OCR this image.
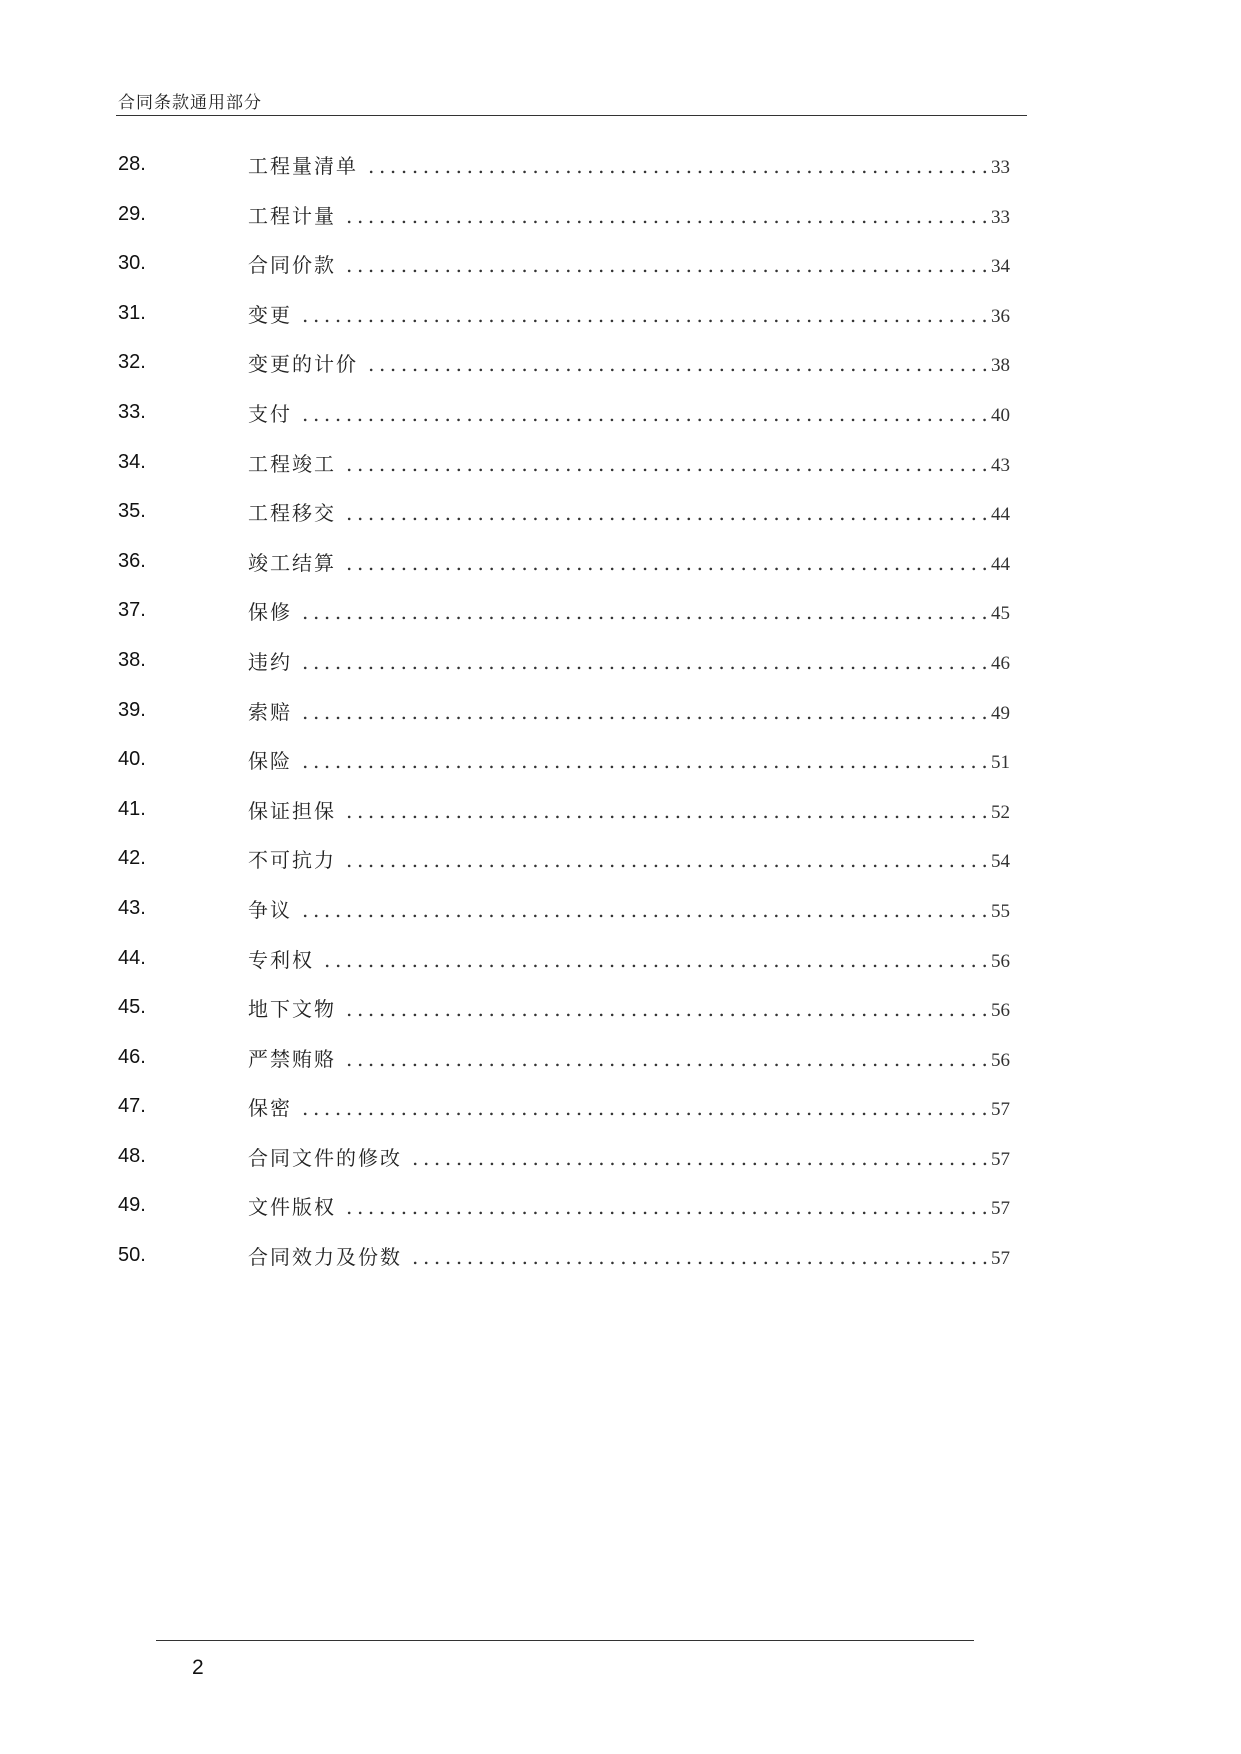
合同条款通用部分
28.	工程量清单 .....	33
29.	工程计量 .....	33
30.	合同价款 .....	34
31.	变更 .....	36
32.	变更的计价 .....	38
33.	支付 .....	40
34.	工程竣工 .....	43
35.	工程移交 .....	44
36.	竣工结算 .....	44
37.	保修 .....	45
38.	违约 .....	46
39.	索赔 .....	49
40.	保险 .....	51
41.	保证担保 .....	52
42.	不可抗力 .....	54
43.	争议 .....	55
44.	专利权 .....	56
45.	地下文物 .....	56
46.	严禁贿赂 .....	56
47.	保密 .....	57
48.	合同文件的修改 .....	57
49.	文件版权 .....	57
50.	合同效力及份数 .....	57
2
